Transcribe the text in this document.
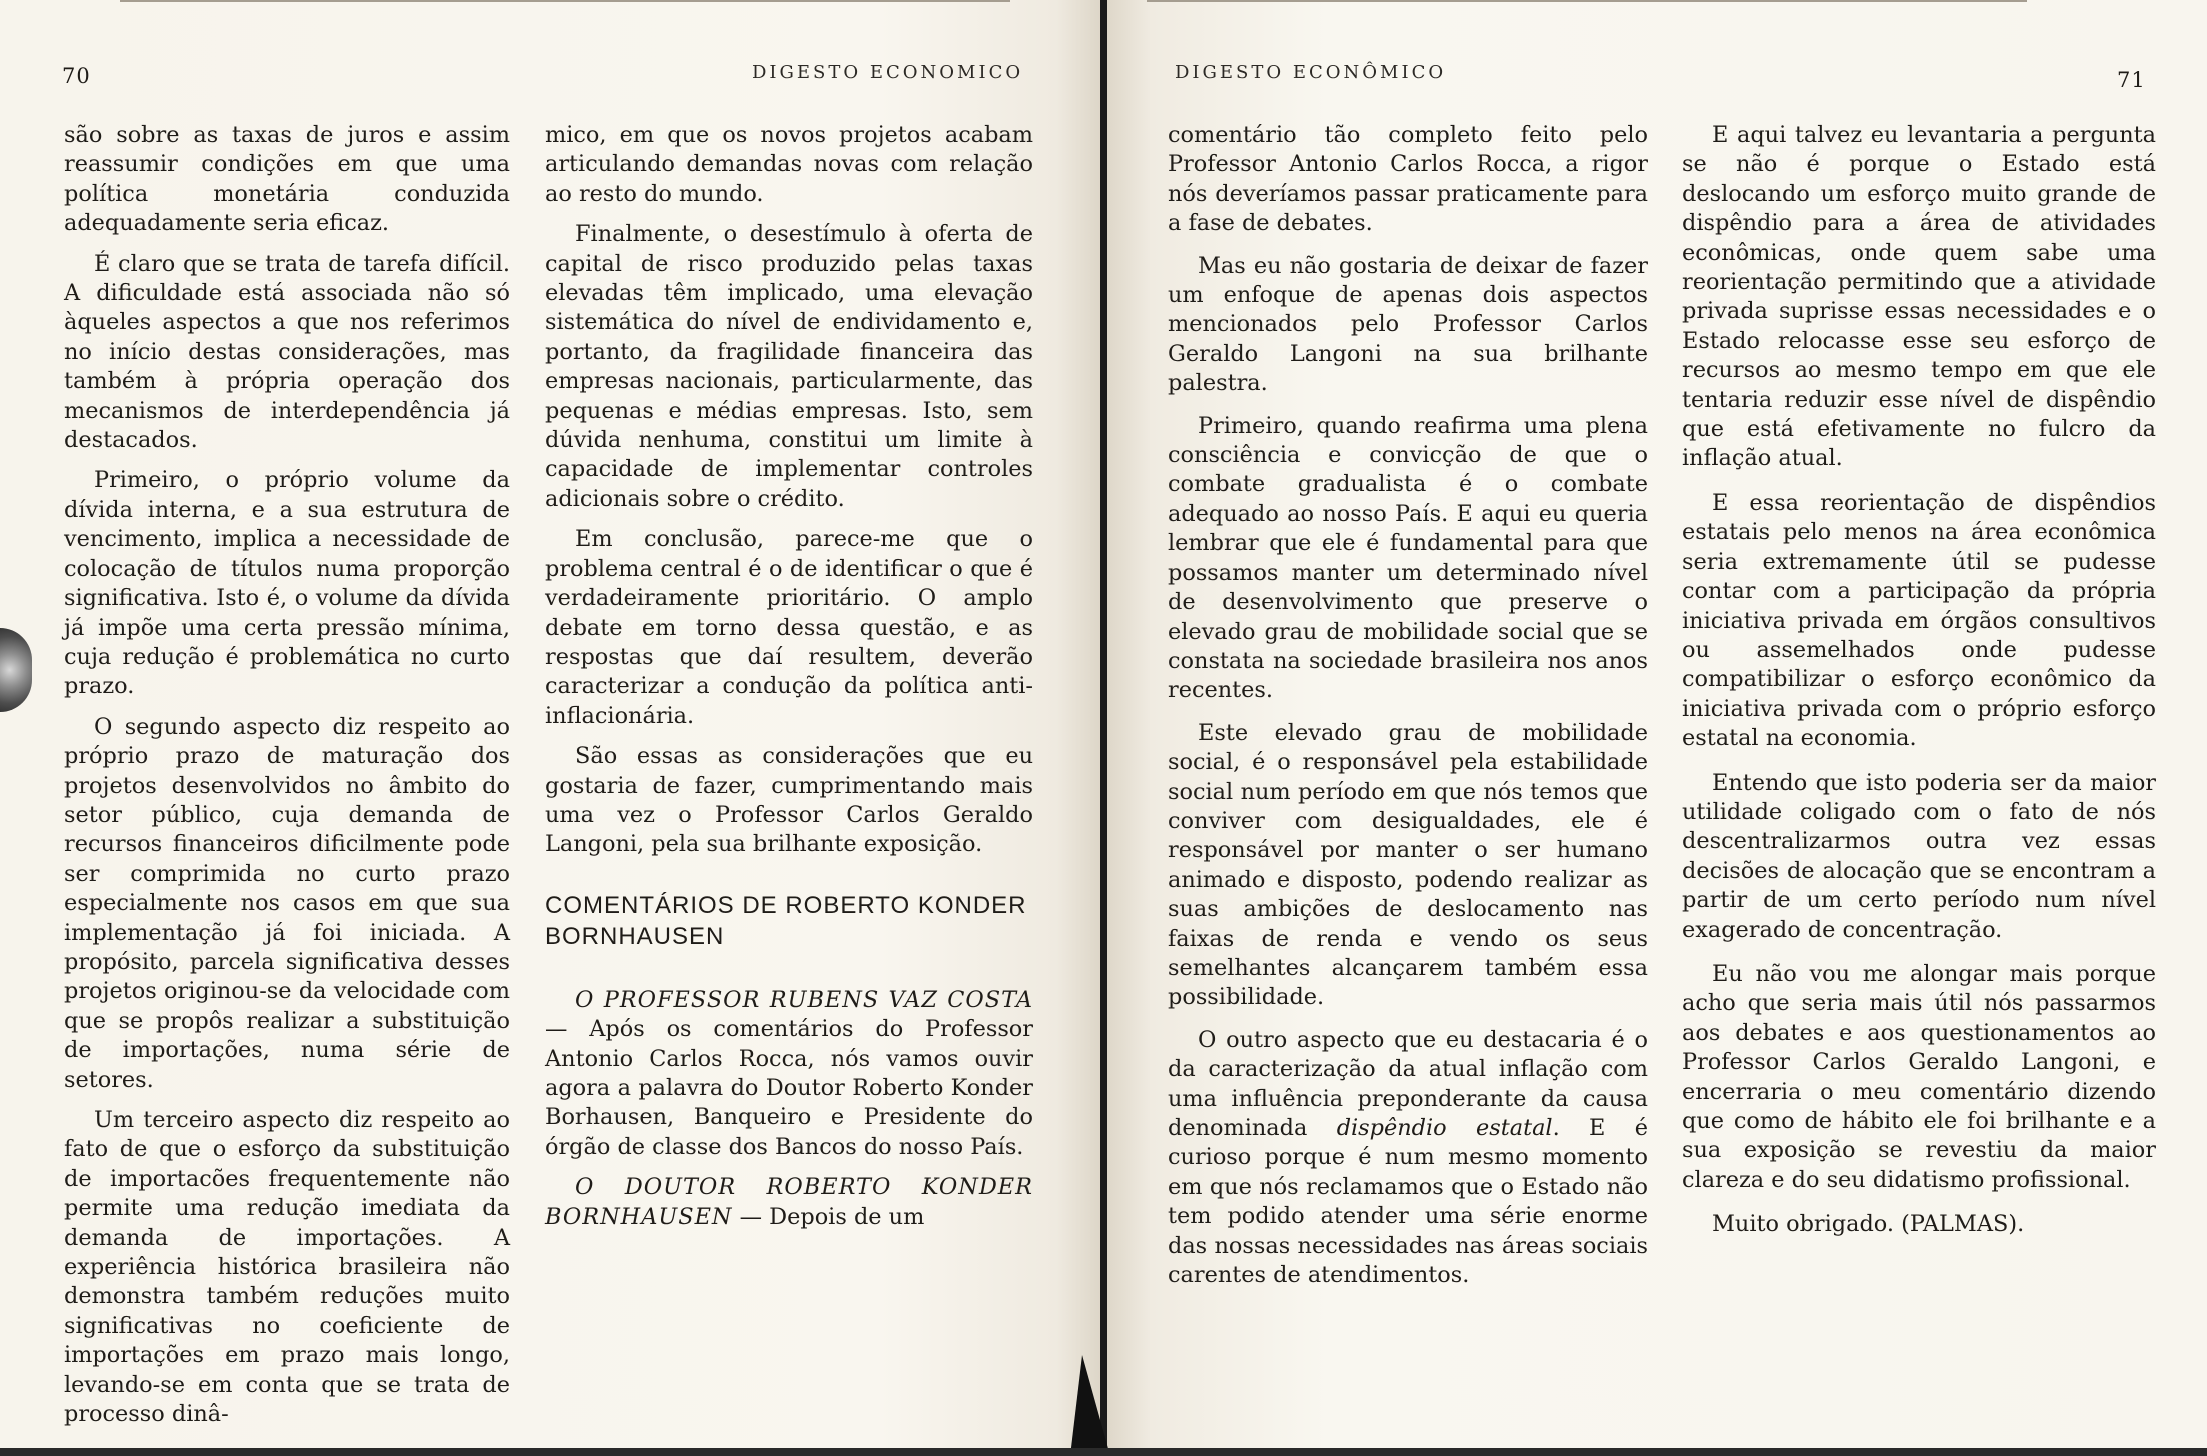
70	DIGESTO ECONOMICO

são sobre as taxas de juros e assim reassumir condições em que uma política monetária conduzida adequadamente seria eficaz.

É claro que se trata de tarefa difícil. A dificuldade está associada não só àqueles aspectos a que nos referimos no início destas considerações, mas também à própria operação dos mecanismos de interdependência já destacados.

Primeiro, o próprio volume da dívida interna, e a sua estrutura de vencimento, implica a necessidade de colocação de títulos numa proporção significativa. Isto é, o volume da dívida já impõe uma certa pressão mínima, cuja redução é problemática no curto prazo.

O segundo aspecto diz respeito ao próprio prazo de maturação dos projetos desenvolvidos no âmbito do setor público, cuja demanda de recursos financeiros dificilmente pode ser comprimida no curto prazo especialmente nos casos em que sua implementação já foi iniciada. A propósito, parcela significativa desses projetos originou-se da velocidade com que se propôs realizar a substituição de importações, numa série de setores.

Um terceiro aspecto diz respeito ao fato de que o esforço da substituição de importacões frequentemente não permite uma redução imediata da demanda de importações. A experiência histórica brasileira não demonstra também reduções muito significativas no coeficiente de importações em prazo mais longo, levando-se em conta que se trata de processo dinâ-

mico, em que os novos projetos acabam articulando demandas novas com relação ao resto do mundo.

Finalmente, o desestímulo à oferta de capital de risco produzido pelas taxas elevadas têm implicado, uma elevação sistemática do nível de endividamento e, portanto, da fragilidade financeira das empresas nacionais, particularmente, das pequenas e médias empresas. Isto, sem dúvida nenhuma, constitui um limite à capacidade de implementar controles adicionais sobre o crédito.

Em conclusão, parece-me que o problema central é o de identificar o que é verdadeiramente prioritário. O amplo debate em torno dessa questão, e as respostas que daí resultem, deverão caracterizar a condução da política anti-inflacionária.

São essas as considerações que eu gostaria de fazer, cumprimentando mais uma vez o Professor Carlos Geraldo Langoni, pela sua brilhante exposição.

COMENTÁRIOS DE ROBERTO KONDER BORNHAUSEN

O PROFESSOR RUBENS VAZ COSTA — Após os comentários do Professor Antonio Carlos Rocca, nós vamos ouvir agora a palavra do Doutor Roberto Konder Borhausen, Banqueiro e Presidente do órgão de classe dos Bancos do nosso País.

O DOUTOR ROBERTO KONDER BORNHAUSEN — Depois de um

DIGESTO ECONÔMICO	71

comentário tão completo feito pelo Professor Antonio Carlos Rocca, a rigor nós deveríamos passar praticamente para a fase de debates.

Mas eu não gostaria de deixar de fazer um enfoque de apenas dois aspectos mencionados pelo Professor Carlos Geraldo Langoni na sua brilhante palestra.

Primeiro, quando reafirma uma plena consciência e convicção de que o combate gradualista é o combate adequado ao nosso País. E aqui eu queria lembrar que ele é fundamental para que possamos manter um determinado nível de desenvolvimento que preserve o elevado grau de mobilidade social que se constata na sociedade brasileira nos anos recentes.

Este elevado grau de mobilidade social, é o responsável pela estabilidade social num período em que nós temos que conviver com desigualdades, ele é responsável por manter o ser humano animado e disposto, podendo realizar as suas ambições de deslocamento nas faixas de renda e vendo os seus semelhantes alcançarem também essa possibilidade.

O outro aspecto que eu destacaria é o da caracterização da atual inflação com uma influência preponderante da causa denominada dispêndio estatal. E é curioso porque é num mesmo momento em que nós reclamamos que o Estado não tem podido atender uma série enorme das nossas necessidades nas áreas sociais carentes de atendimentos.

E aqui talvez eu levantaria a pergunta se não é porque o Estado está deslocando um esforço muito grande de dispêndio para a área de atividades econômicas, onde quem sabe uma reorientação permitindo que a atividade privada suprisse essas necessidades e o Estado relocasse esse seu esforço de recursos ao mesmo tempo em que ele tentaria reduzir esse nível de dispêndio que está efetivamente no fulcro da inflação atual.

E essa reorientação de dispêndios estatais pelo menos na área econômica seria extremamente útil se pudesse contar com a participação da própria iniciativa privada em órgãos consultivos ou assemelhados onde pudesse compatibilizar o esforço econômico da iniciativa privada com o próprio esforço estatal na economia.

Entendo que isto poderia ser da maior utilidade coligado com o fato de nós descentralizarmos outra vez essas decisões de alocação que se encontram a partir de um certo período num nível exagerado de concentração.

Eu não vou me alongar mais porque acho que seria mais útil nós passarmos aos debates e aos questionamentos ao Professor Carlos Geraldo Langoni, e encerraria o meu comentário dizendo que como de hábito ele foi brilhante e a sua exposição se revestiu da maior clareza e do seu didatismo profissional.

Muito obrigado. (PALMAS).
